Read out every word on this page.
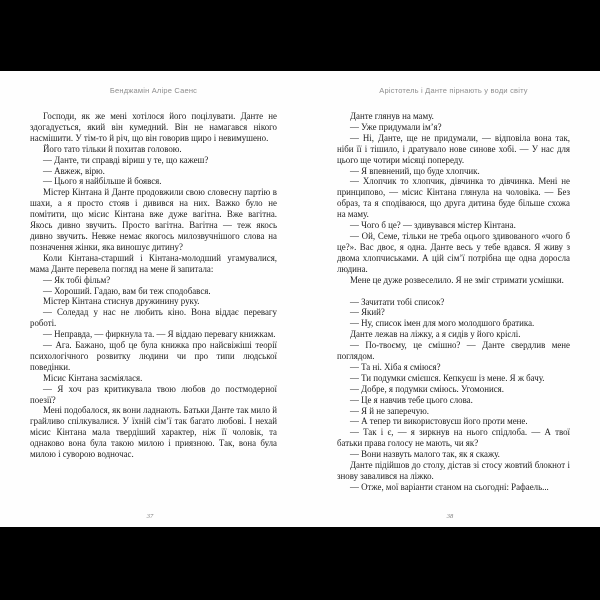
Бенджамін Аліре Саенс

Господи, як же мені хотілося його поцілувати. Данте не здогадується, який він кумедний. Він не намагався нікого насмішити. У тім-то й річ, що він говорив щиро і невимушено.

Його тато тільки й похитав головою.

— Данте, ти справді віриш у те, що кажеш?

— Авжеж, вірю.

— Цього я найбільше й боявся.

Містер Кінтана й Данте продовжили свою словесну партію в шахи, а я просто стояв і дивився на них. Важко було не помітити, що місис Кінтана вже дуже вагітна. Вже вагітна. Якось дивно звучить. Просто вагітна. Вагітна — теж якось дивно звучить. Невже немає якогось милозвучнішого слова на позначення жінки, яка виношує дитину?

Коли Кінтана-старший і Кінтана-молодший угамувалися, мама Данте перевела погляд на мене й запитала:

— Як тобі фільм?

— Хороший. Гадаю, вам би теж сподобався.

Містер Кінтана стиснув дружинину руку.

— Соледад у нас не любить кіно. Вона віддає перевагу роботі.

— Неправда, — фиркнула та. — Я віддаю перевагу книжкам.

— Ага. Бажано, щоб це була книжка про найсвіжіші теорії психологічного розвитку людини чи про типи людської поведінки.

Місис Кінтана засміялася.

— Я хоч раз критикувала твою любов до постмодерної поезії?

Мені подобалося, як вони ладнають. Батьки Данте так мило й грайливо спілкувалися. У їхній сім’ї так багато любові. І нехай місис Кінтана мала твердіший характер, ніж її чоловік, та однаково вона була такою милою і приязною. Так, вона була милою і суворою водночас.

37
Арістотель і Данте пірнають у води світу

Данте глянув на маму.

— Уже придумали ім’я?

— Ні, Данте, ще не придумали, — відповіла вона так, ніби її і тішило, і дратувало нове синове хобі. — У нас для цього ще чотири місяці попереду.

— Я впевнений, що буде хлопчик.

— Хлопчик то хлопчик, дівчинка то дівчинка. Мені не принципово, — місис Кінтана глянула на чоловіка. — Без образ, та я сподіваюся, що друга дитина буде більше схожа на маму.

— Чого б це? — здивувався містер Кінтана.

— Ой, Семе, тільки не треба оцього здивованого «чого б це?». Вас двоє, я одна. Данте весь у тебе вдався. Я живу з двома хлопчиськами. А цій сім’ї потрібна ще одна доросла людина.

Мене це дуже розвеселило. Я не зміг стримати усмішки.

— Зачитати тобі список?

— Який?

— Ну, список імен для мого молодшого братика.

Данте лежав на ліжку, а я сидів у його кріслі.

— По-твоєму, це смішно? — Данте свердлив мене поглядом.

— Та ні. Хіба я сміюся?

— Ти подумки смієшся. Кепкуєш із мене. Я ж бачу.

— Добре, я подумки сміюсь. Угомонися.

— Це я навчив тебе цього слова.

— Я й не заперечую.

— А тепер ти використовуєш його проти мене.

— Так і є, — я зиркнув на нього спідлоба. — А твої батьки права голосу не мають, чи як?

— Вони назвуть малого так, як я скажу.

Данте підійшов до столу, дістав зі стосу жовтий блокнот і знову завалився на ліжко.

— Отже, мої варіанти станом на сьогодні: Рафаель...

38
